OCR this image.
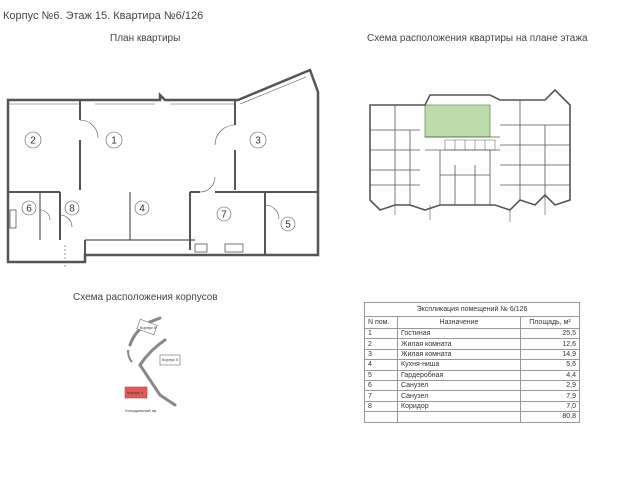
Корпус №6. Этаж 15. Квартира №6/126
План квартиры	Схема расположения квартиры на плане этажа
Схема расположения корпусов
2	1	3
6	8	4
7
5
Корпус 6
Корпус 5
Корпус 4
Холодильный пр.

Экспликация помещений № 6/126		
N пом.	Назначение	Площадь, м²
1	Гостиная	25,5
2	Жилая комната	12,6
3	Жилая комната	14,9
4	Кухня-ниша	5,6
5	Гардеробная	4,4
6	Санузел	2,9
7	Санузел	7,9
8	Коридор	7,0
		80,8
